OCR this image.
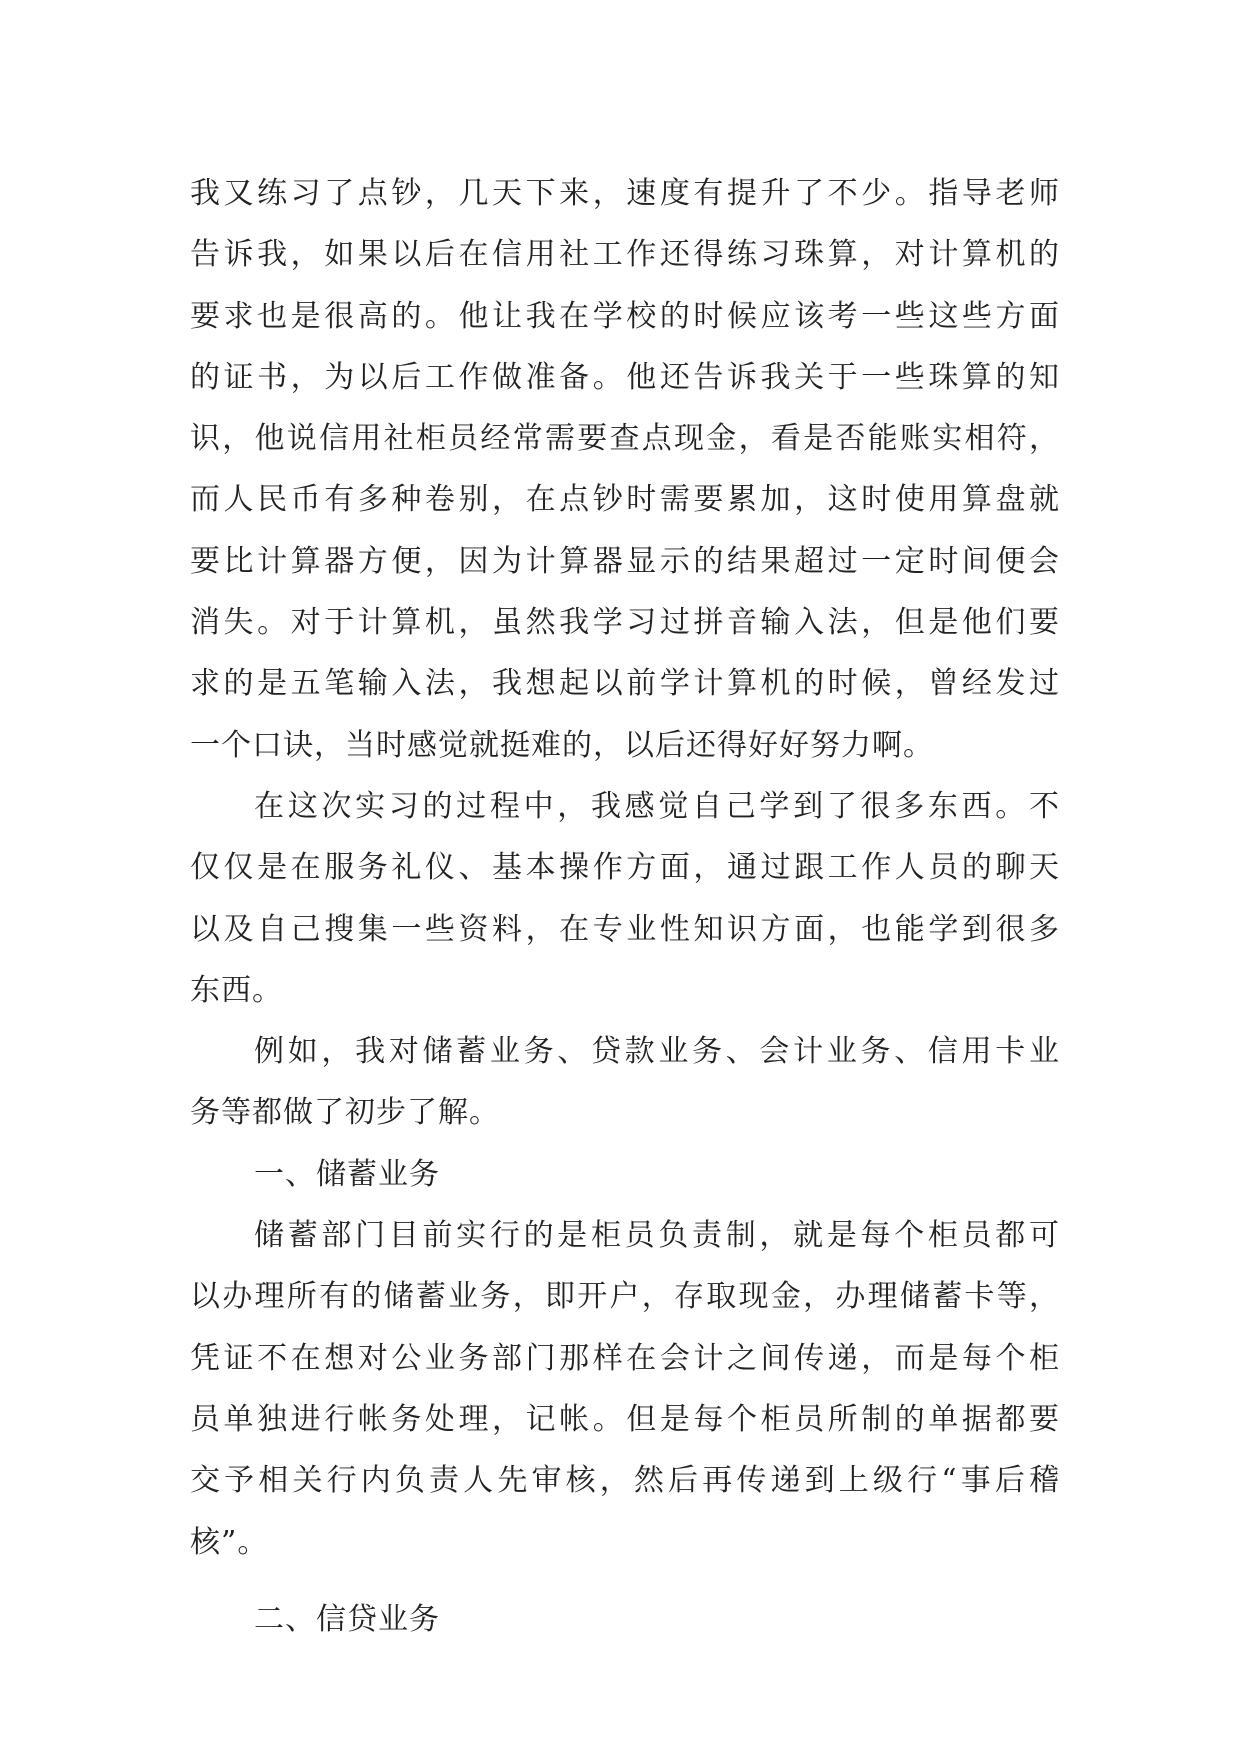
我又练习了点钞，几天下来，速度有提升了不少。指导老师
告诉我，如果以后在信用社工作还得练习珠算，对计算机的
要求也是很高的。他让我在学校的时候应该考一些这些方面
的证书，为以后工作做准备。他还告诉我关于一些珠算的知
识，他说信用社柜员经常需要查点现金，看是否能账实相符，
而人民币有多种卷别，在点钞时需要累加，这时使用算盘就
要比计算器方便，因为计算器显示的结果超过一定时间便会
消失。对于计算机，虽然我学习过拼音输入法，但是他们要
求的是五笔输入法，我想起以前学计算机的时候，曾经发过
一个口诀，当时感觉就挺难的，以后还得好好努力啊。
在这次实习的过程中，我感觉自己学到了很多东西。不
仅仅是在服务礼仪、基本操作方面，通过跟工作人员的聊天
以及自己搜集一些资料，在专业性知识方面，也能学到很多
东西。
例如，我对储蓄业务、贷款业务、会计业务、信用卡业
务等都做了初步了解。
一、储蓄业务
储蓄部门目前实行的是柜员负责制，就是每个柜员都可
以办理所有的储蓄业务，即开户，存取现金，办理储蓄卡等，
凭证不在想对公业务部门那样在会计之间传递，而是每个柜
员单独进行帐务处理，记帐。但是每个柜员所制的单据都要
交予相关行内负责人先审核，然后再传递到上级行“事后稽
核”。
二、信贷业务
